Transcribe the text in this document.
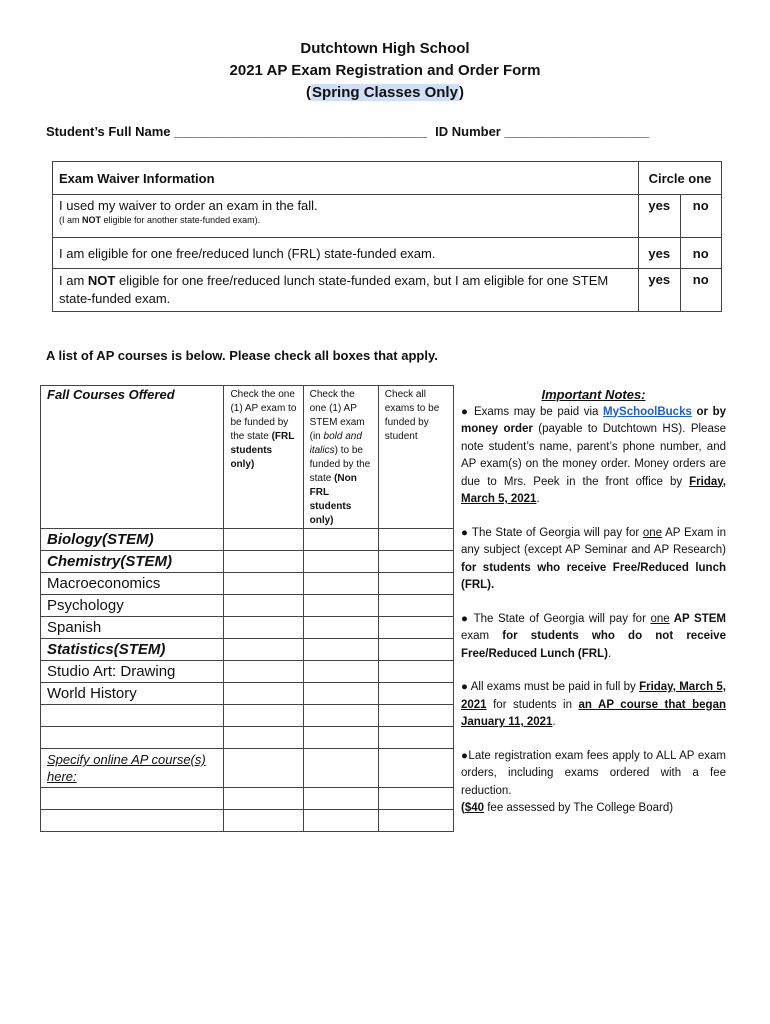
Dutchtown High School
2021 AP Exam Registration and Order Form
(Spring Classes Only)
Student’s Full Name ___________________________________ ID Number ____________________
Exam Waiver Information	Circle one	
I used my waiver to order an exam in the fall.
(I am NOT eligible for another state-funded exam).	yes	no
I am eligible for one free/reduced lunch (FRL) state-funded exam.	yes	no
I am NOT eligible for one free/reduced lunch state-funded exam, but I am eligible for one STEM state-funded exam.	yes	no
A list of AP courses is below. Please check all boxes that apply.
Fall Courses Offered	Check the one (1) AP exam to be funded by the state (FRL students only)	Check the one (1) AP STEM exam (in bold and italics) to be funded by the state (Non FRL students only)	Check all exams to be funded by student
Biology(STEM)			
Chemistry(STEM)			
Macroeconomics			
Psychology			
Spanish			
Statistics(STEM)			
Studio Art: Drawing			
World History			

Specify online AP course(s) here:			

Important Notes:

● Exams may be paid via MySchoolBucks or by money order (payable to Dutchtown HS). Please note student’s name, parent’s phone number, and AP exam(s) on the money order. Money orders are due to Mrs. Peek in the front office by Friday, March 5, 2021.

● The State of Georgia will pay for one AP Exam in any subject (except AP Seminar and AP Research) for students who receive Free/Reduced lunch (FRL).

● The State of Georgia will pay for one AP STEM exam for students who do not receive Free/Reduced Lunch (FRL).

● All exams must be paid in full by Friday, March 5, 2021 for students in an AP course that began January 11, 2021.

●Late registration exam fees apply to ALL AP exam orders, including exams ordered with a fee reduction.
($40 fee assessed by The College Board)
